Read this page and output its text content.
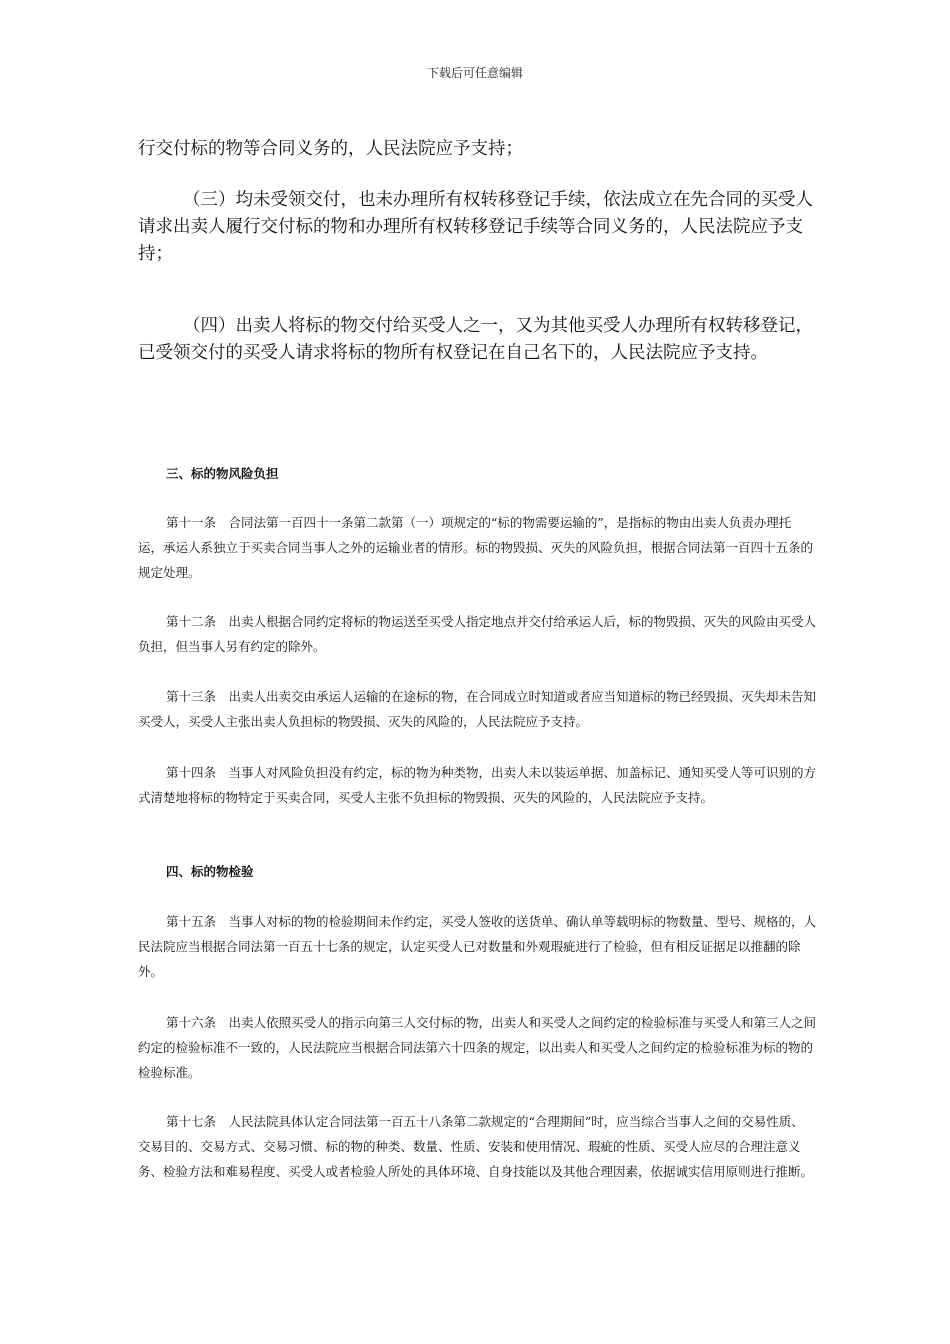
下载后可任意编辑

行交付标的物等合同义务的，人民法院应予支持；

（三）均未受领交付，也未办理所有权转移登记手续，依法成立在先合同的买受人请求出卖人履行交付标的物和办理所有权转移登记手续等合同义务的，人民法院应予支持；

（四）出卖人将标的物交付给买受人之一，又为其他买受人办理所有权转移登记，已受领交付的买受人请求将标的物所有权登记在自己名下的，人民法院应予支持。

三、标的物风险负担

第十一条　合同法第一百四十一条第二款第（一）项规定的“标的物需要运输的”，是指标的物由出卖人负责办理托运，承运人系独立于买卖合同当事人之外的运输业者的情形。标的物毁损、灭失的风险负担，根据合同法第一百四十五条的规定处理。

第十二条　出卖人根据合同约定将标的物运送至买受人指定地点并交付给承运人后，标的物毁损、灭失的风险由买受人负担，但当事人另有约定的除外。

第十三条　出卖人出卖交由承运人运输的在途标的物，在合同成立时知道或者应当知道标的物已经毁损、灭失却未告知买受人，买受人主张出卖人负担标的物毁损、灭失的风险的，人民法院应予支持。

第十四条　当事人对风险负担没有约定，标的物为种类物，出卖人未以装运单据、加盖标记、通知买受人等可识别的方式清楚地将标的物特定于买卖合同，买受人主张不负担标的物毁损、灭失的风险的，人民法院应予支持。

四、标的物检验

第十五条　当事人对标的物的检验期间未作约定，买受人签收的送货单、确认单等载明标的物数量、型号、规格的，人民法院应当根据合同法第一百五十七条的规定，认定买受人已对数量和外观瑕疵进行了检验，但有相反证据足以推翻的除外。

第十六条　出卖人依照买受人的指示向第三人交付标的物，出卖人和买受人之间约定的检验标准与买受人和第三人之间约定的检验标准不一致的，人民法院应当根据合同法第六十四条的规定，以出卖人和买受人之间约定的检验标准为标的物的检验标准。

第十七条　人民法院具体认定合同法第一百五十八条第二款规定的“合理期间”时，应当综合当事人之间的交易性质、交易目的、交易方式、交易习惯、标的物的种类、数量、性质、安装和使用情况、瑕疵的性质、买受人应尽的合理注意义务、检验方法和难易程度、买受人或者检验人所处的具体环境、自身技能以及其他合理因素，依据诚实信用原则进行推断。
